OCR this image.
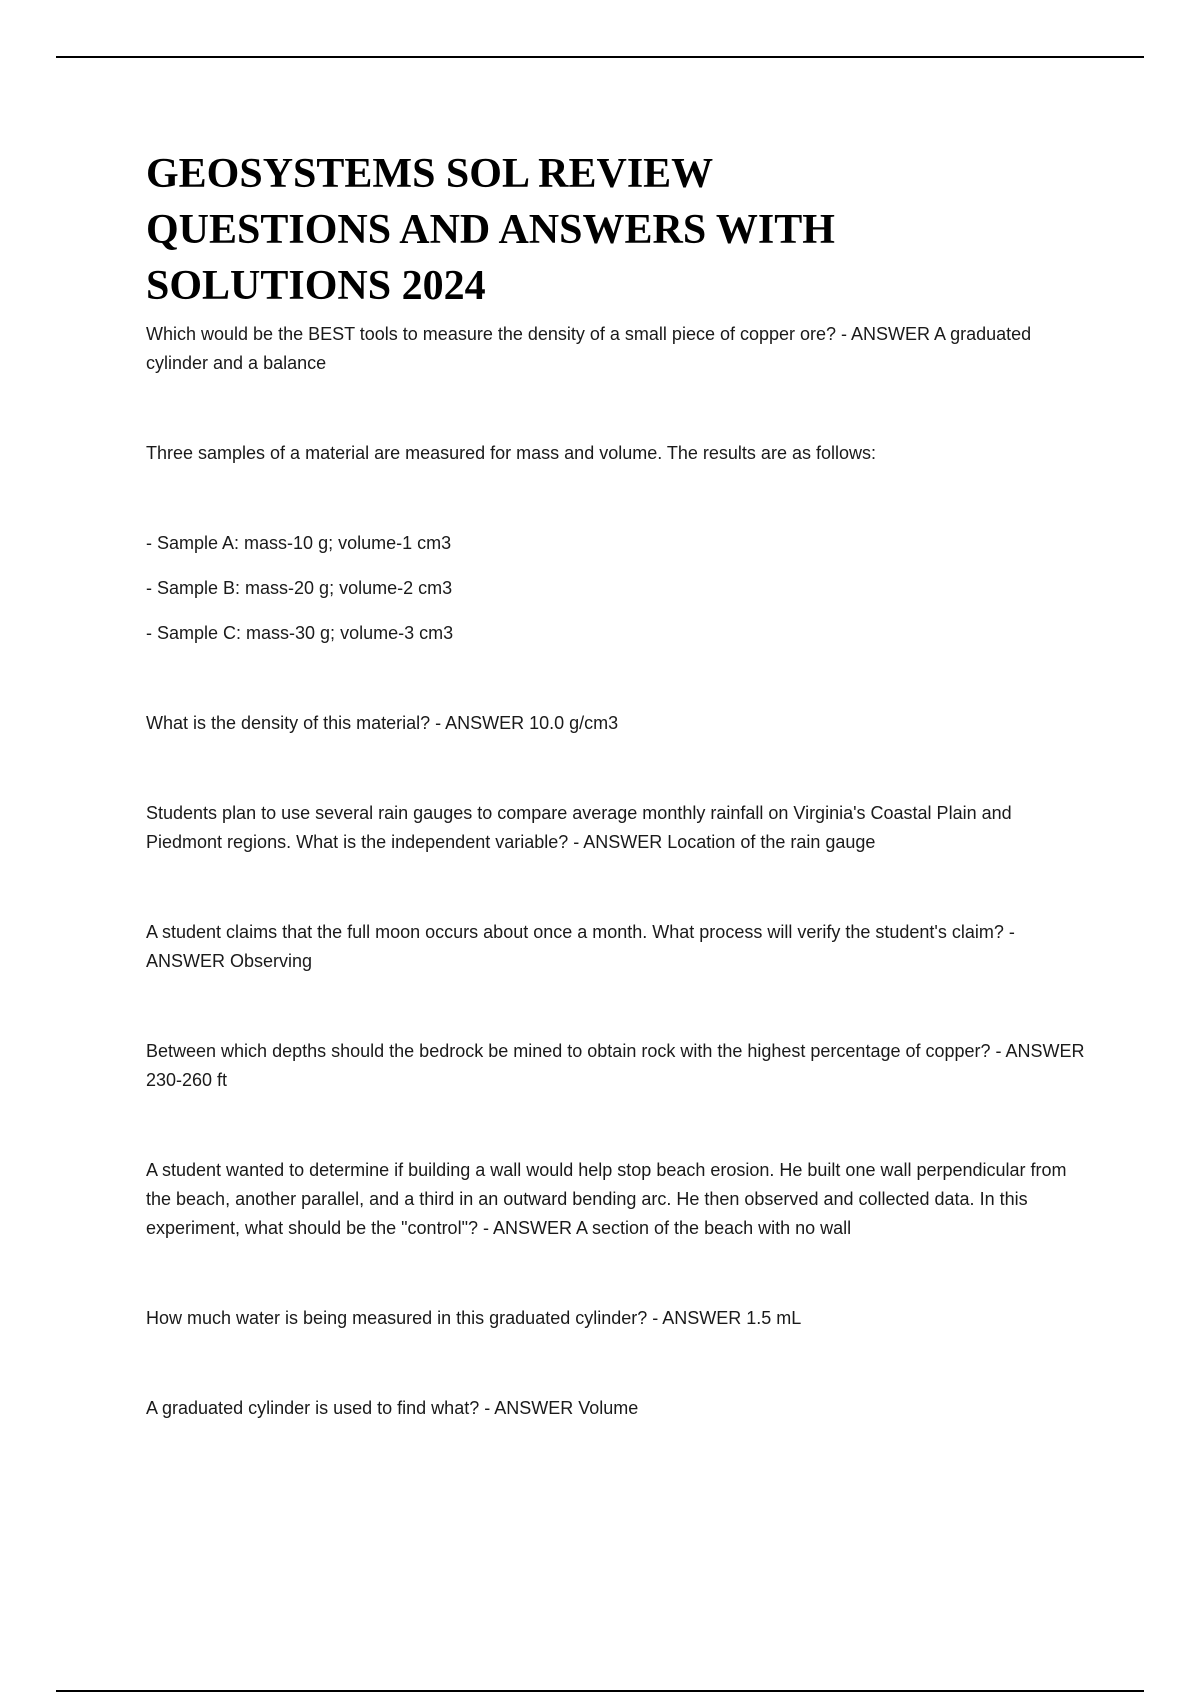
GEOSYSTEMS SOL REVIEW
QUESTIONS AND ANSWERS WITH
SOLUTIONS 2024

Which would be the BEST tools to measure the density of a small piece of copper ore? - ANSWER A graduated cylinder and a balance

Three samples of a material are measured for mass and volume. The results are as follows:

- Sample A: mass-10 g; volume-1 cm3

- Sample B: mass-20 g; volume-2 cm3

- Sample C: mass-30 g; volume-3 cm3

What is the density of this material? - ANSWER 10.0 g/cm3

Students plan to use several rain gauges to compare average monthly rainfall on Virginia's Coastal Plain and Piedmont regions. What is the independent variable? - ANSWER Location of the rain gauge

A student claims that the full moon occurs about once a month. What process will verify the student's claim? - ANSWER Observing

Between which depths should the bedrock be mined to obtain rock with the highest percentage of copper? - ANSWER 230-260 ft

A student wanted to determine if building a wall would help stop beach erosion. He built one wall perpendicular from the beach, another parallel, and a third in an outward bending arc. He then observed and collected data. In this experiment, what should be the "control"? - ANSWER A section of the beach with no wall

How much water is being measured in this graduated cylinder? - ANSWER 1.5 mL

A graduated cylinder is used to find what? - ANSWER Volume
